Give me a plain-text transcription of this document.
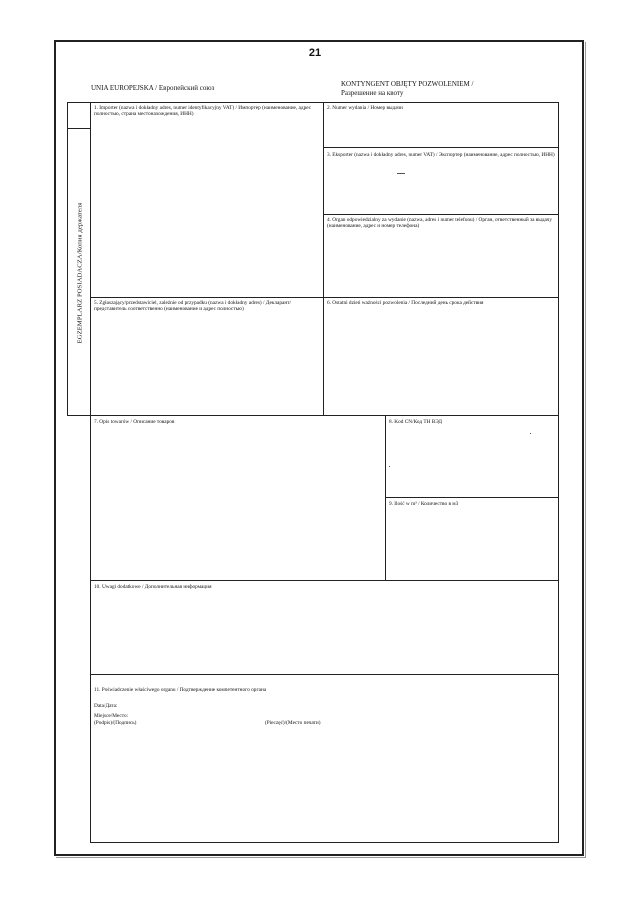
21
UNIA EUROPEJSKA / Европейский союз	KONTYNGENT OBJĘTY POZWOLENIEM /
Разрешение на квоту
EGZEMPLARZ POSIADACZA/Копия держателя
1. Importer (nazwa i dokładny adres, numer identyfikacyjny VAT) / Импортер (наименование, адрес полностью, страна местонахождения, ИНН)
2. Numer wydania / Номер выдачи
3. Eksporter (nazwa i dokładny adres, numer VAT) / Экспортер (наименование, адрес полностью, ИНН)
4. Organ odpowiedzialny za wydanie (nazwa, adres i numer telefonu) / Орган, ответственный за выдачу (наименование, адрес и номер телефона)
5. Zgłaszający/przedstawiciel, zależnie od przypadku (nazwa i dokładny adres) / Декларант/представитель соответственно (наименование и адрес полностью)
6. Ostatni dzień ważności pozwolenia / Последний день срока действия
7. Opis towarów / Описание товаров	8. Kod CN/Код ТН ВЭД
9. Ilość w m³ / Количество в м3
10. Uwagi dodatkowe / Дополнительная информация
11. Poświadczenie właściwego organu / Подтверждение компетентного органа
Data/Дата:
Miejsce/Место:
(Podpis)/(Подпись)	(Pieczęć)/(Место печати)
